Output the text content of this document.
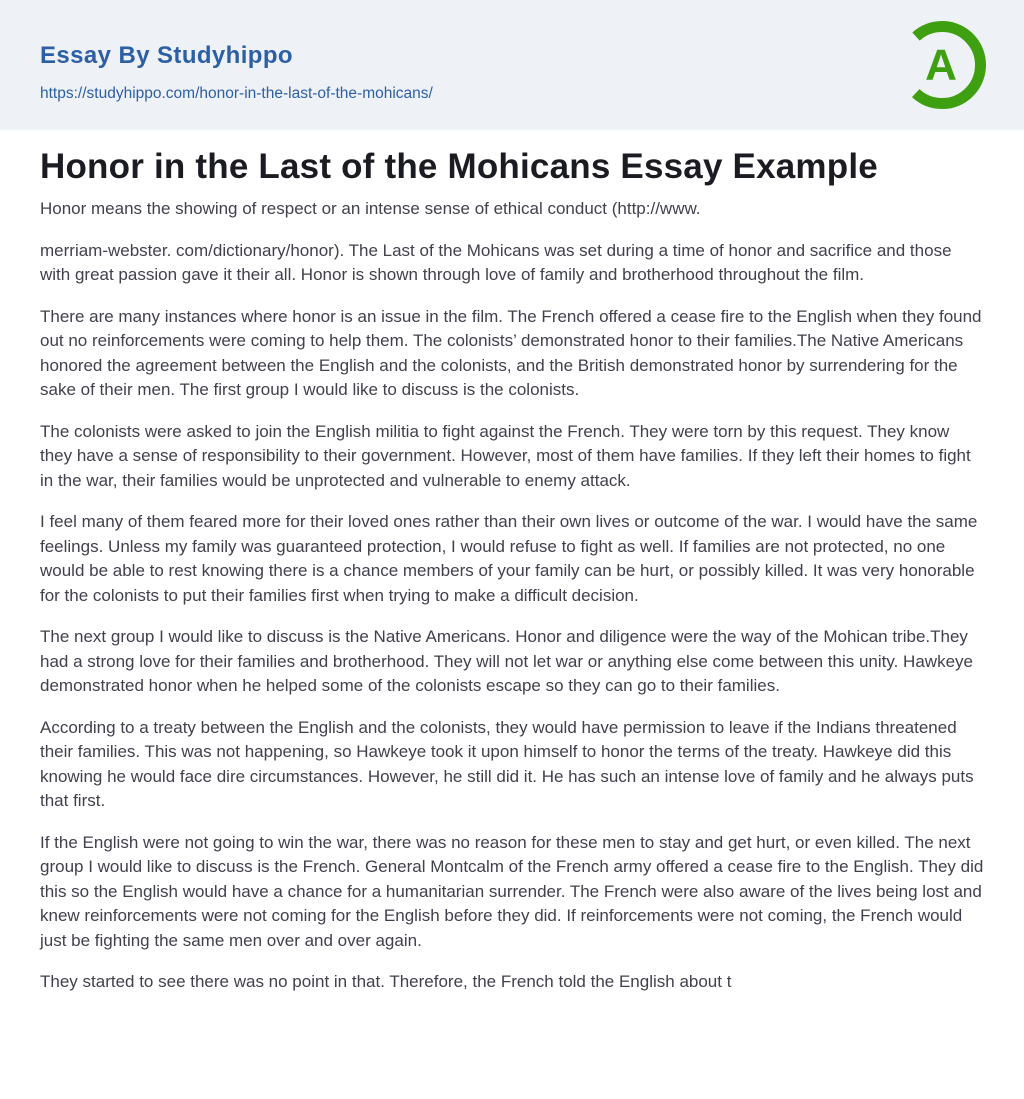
Essay By Studyhippo
https://studyhippo.com/honor-in-the-last-of-the-mohicans/
A
Honor in the Last of the Mohicans Essay Example

Honor means the showing of respect or an intense sense of ethical conduct (http://www.

merriam-webster. com/dictionary/honor). The Last of the Mohicans was set during a time of honor and sacrifice and those with great passion gave it their all. Honor is shown through love of family and brotherhood throughout the film.

There are many instances where honor is an issue in the film. The French offered a cease fire to the English when they found out no reinforcements were coming to help them. The colonists’ demonstrated honor to their families.The Native Americans honored the agreement between the English and the colonists, and the British demonstrated honor by surrendering for the sake of their men. The first group I would like to discuss is the colonists.

The colonists were asked to join the English militia to fight against the French. They were torn by this request. They know they have a sense of responsibility to their government. However, most of them have families. If they left their homes to fight in the war, their families would be unprotected and vulnerable to enemy attack.

I feel many of them feared more for their loved ones rather than their own lives or outcome of the war. I would have the same feelings. Unless my family was guaranteed protection, I would refuse to fight as well. If families are not protected, no one would be able to rest knowing there is a chance members of your family can be hurt, or possibly killed. It was very honorable for the colonists to put their families first when trying to make a difficult decision.

The next group I would like to discuss is the Native Americans. Honor and diligence were the way of the Mohican tribe.They had a strong love for their families and brotherhood. They will not let war or anything else come between this unity. Hawkeye demonstrated honor when he helped some of the colonists escape so they can go to their families.

According to a treaty between the English and the colonists, they would have permission to leave if the Indians threatened their families. This was not happening, so Hawkeye took it upon himself to honor the terms of the treaty. Hawkeye did this knowing he would face dire circumstances. However, he still did it. He has such an intense love of family and he always puts that first.

If the English were not going to win the war, there was no reason for these men to stay and get hurt, or even killed. The next group I would like to discuss is the French. General Montcalm of the French army offered a cease fire to the English. They did this so the English would have a chance for a humanitarian surrender. The French were also aware of the lives being lost and knew reinforcements were not coming for the English before they did. If reinforcements were not coming, the French would just be fighting the same men over and over again.

They started to see there was no point in that. Therefore, the French told the English about t
